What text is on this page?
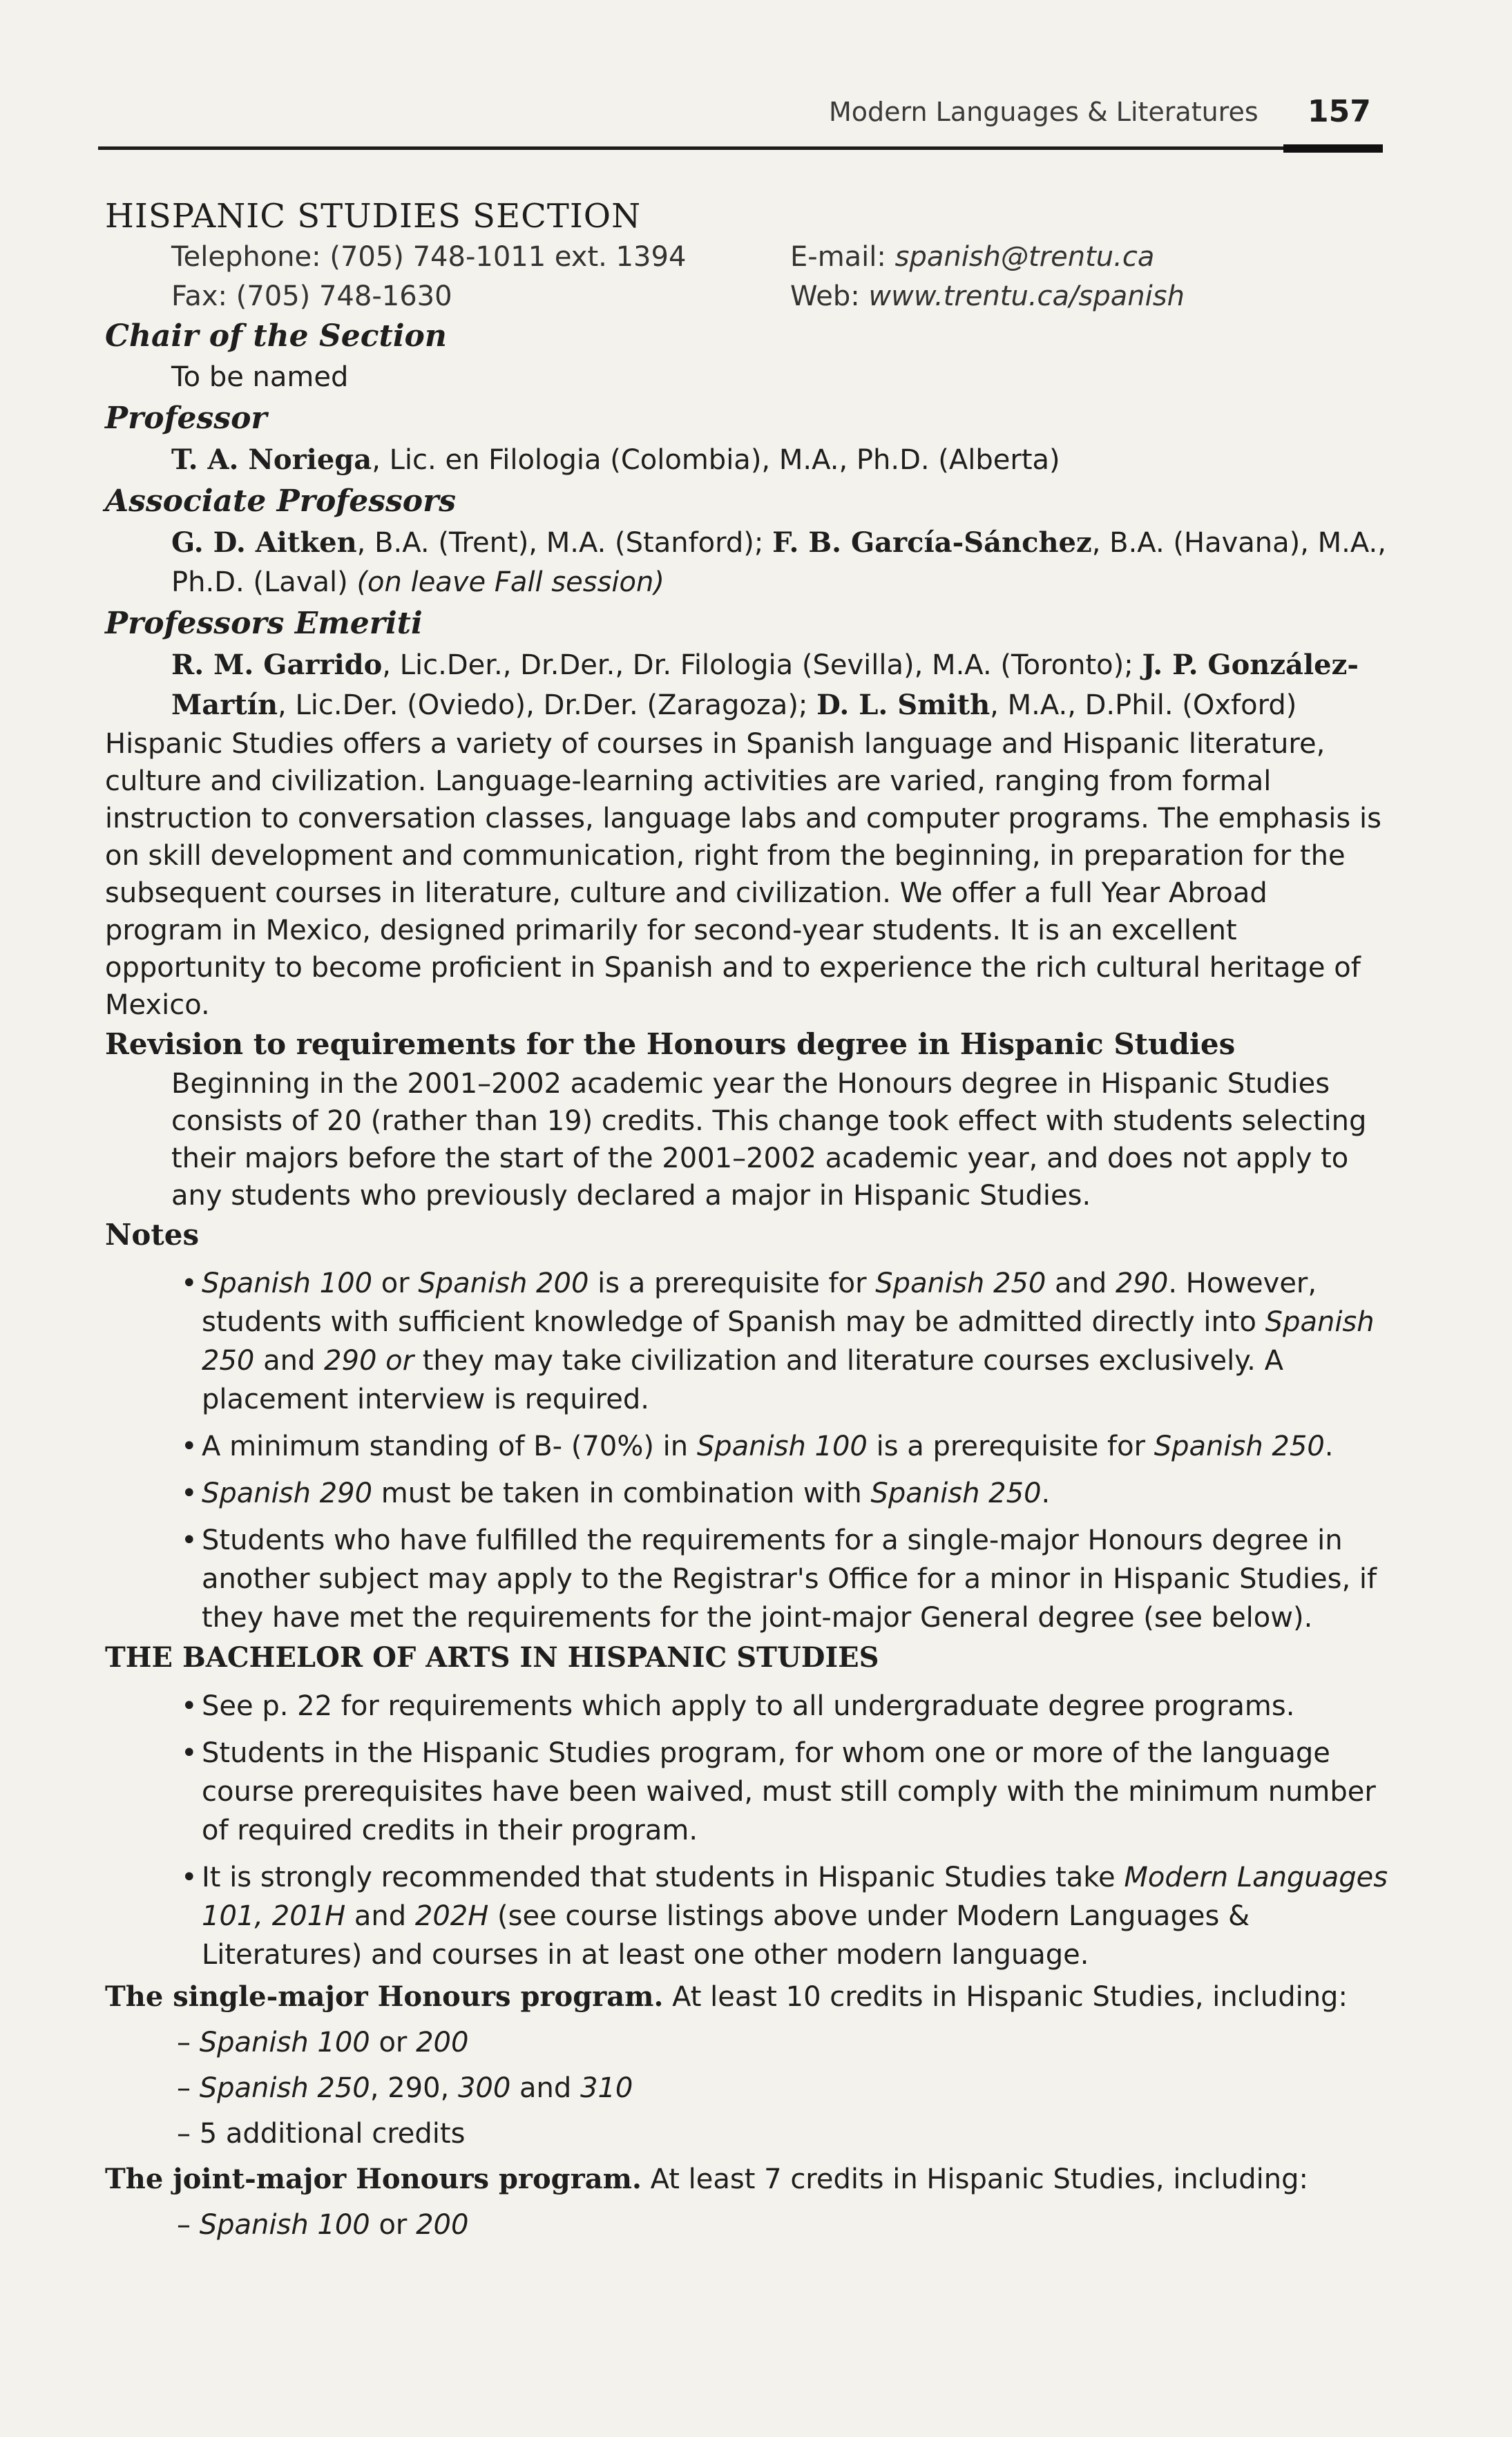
Modern Languages & Literatures 157
HISPANIC STUDIES SECTION
Telephone: (705) 748-1011 ext. 1394
Fax: (705) 748-1630
E-mail: spanish@trentu.ca
Web: www.trentu.ca/spanish
Chair of the Section
To be named
Professor
T. A. Noriega, Lic. en Filologia (Colombia), M.A., Ph.D. (Alberta)
Associate Professors
G. D. Aitken, B.A. (Trent), M.A. (Stanford); F. B. García-Sánchez, B.A. (Havana), M.A., Ph.D. (Laval) (on leave Fall session)
Professors Emeriti
R. M. Garrido, Lic.Der., Dr.Der., Dr. Filologia (Sevilla), M.A. (Toronto); J. P. González-Martín, Lic.Der. (Oviedo), Dr.Der. (Zaragoza); D. L. Smith, M.A., D.Phil. (Oxford)

Hispanic Studies offers a variety of courses in Spanish language and Hispanic literature, culture and civilization. Language-learning activities are varied, ranging from formal instruction to conversation classes, language labs and computer programs. The emphasis is on skill development and communication, right from the beginning, in preparation for the subsequent courses in literature, culture and civilization. We offer a full Year Abroad program in Mexico, designed primarily for second-year students. It is an excellent opportunity to become proficient in Spanish and to experience the rich cultural heritage of Mexico.

Revision to requirements for the Honours degree in Hispanic Studies

Beginning in the 2001–2002 academic year the Honours degree in Hispanic Studies consists of 20 (rather than 19) credits. This change took effect with students selecting their majors before the start of the 2001–2002 academic year, and does not apply to any students who previously declared a major in Hispanic Studies.

Notes
• Spanish 100 or Spanish 200 is a prerequisite for Spanish 250 and 290. However, students with sufficient knowledge of Spanish may be admitted directly into Spanish 250 and 290 or they may take civilization and literature courses exclusively. A placement interview is required.
• A minimum standing of B- (70%) in Spanish 100 is a prerequisite for Spanish 250.
• Spanish 290 must be taken in combination with Spanish 250.
• Students who have fulfilled the requirements for a single-major Honours degree in another subject may apply to the Registrar's Office for a minor in Hispanic Studies, if they have met the requirements for the joint-major General degree (see below).
THE BACHELOR OF ARTS IN HISPANIC STUDIES
• See p. 22 for requirements which apply to all undergraduate degree programs.
• Students in the Hispanic Studies program, for whom one or more of the language course prerequisites have been waived, must still comply with the minimum number of required credits in their program.
• It is strongly recommended that students in Hispanic Studies take Modern Languages 101, 201H and 202H (see course listings above under Modern Languages & Literatures) and courses in at least one other modern language.
The single-major Honours program. At least 10 credits in Hispanic Studies, including:
– Spanish 100 or 200
– Spanish 250, 290, 300 and 310
– 5 additional credits
The joint-major Honours program. At least 7 credits in Hispanic Studies, including:
– Spanish 100 or 200
